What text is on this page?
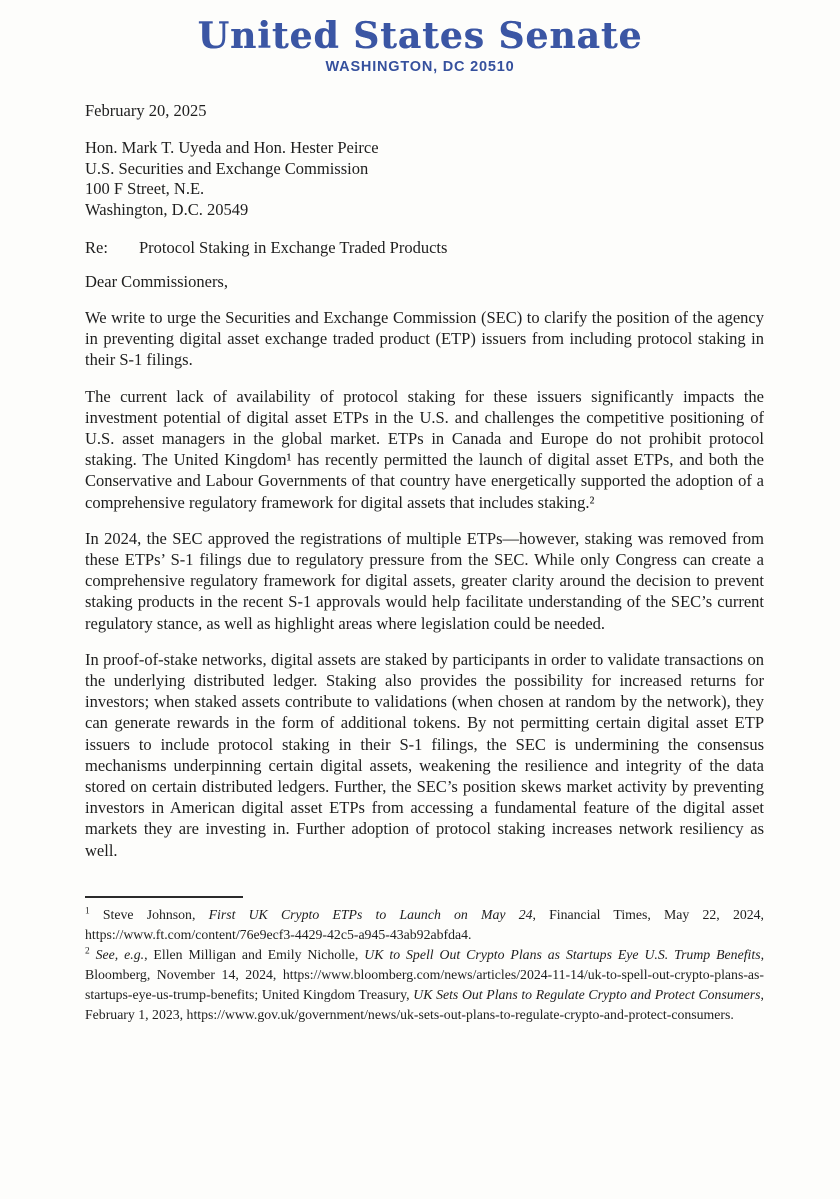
United States Senate
WASHINGTON, DC 20510

February 20, 2025

Hon. Mark T. Uyeda and Hon. Hester Peirce
U.S. Securities and Exchange Commission
100 F Street, N.E.
Washington, D.C. 20549
Re: Protocol Staking in Exchange Traded Products

Dear Commissioners,

We write to urge the Securities and Exchange Commission (SEC) to clarify the position of the agency in preventing digital asset exchange traded product (ETP) issuers from including protocol staking in their S-1 filings.

The current lack of availability of protocol staking for these issuers significantly impacts the investment potential of digital asset ETPs in the U.S. and challenges the competitive positioning of U.S. asset managers in the global market. ETPs in Canada and Europe do not prohibit protocol staking. The United Kingdom¹ has recently permitted the launch of digital asset ETPs, and both the Conservative and Labour Governments of that country have energetically supported the adoption of a comprehensive regulatory framework for digital assets that includes staking.²

In 2024, the SEC approved the registrations of multiple ETPs—however, staking was removed from these ETPs’ S-1 filings due to regulatory pressure from the SEC. While only Congress can create a comprehensive regulatory framework for digital assets, greater clarity around the decision to prevent staking products in the recent S-1 approvals would help facilitate understanding of the SEC’s current regulatory stance, as well as highlight areas where legislation could be needed.

In proof-of-stake networks, digital assets are staked by participants in order to validate transactions on the underlying distributed ledger. Staking also provides the possibility for increased returns for investors; when staked assets contribute to validations (when chosen at random by the network), they can generate rewards in the form of additional tokens. By not permitting certain digital asset ETP issuers to include protocol staking in their S-1 filings, the SEC is undermining the consensus mechanisms underpinning certain digital assets, weakening the resilience and integrity of the data stored on certain distributed ledgers. Further, the SEC’s position skews market activity by preventing investors in American digital asset ETPs from accessing a fundamental feature of the digital asset markets they are investing in. Further adoption of protocol staking increases network resiliency as well.

$^1$ Steve Johnson, First UK Crypto ETPs to Launch on May 24, Financial Times, May 22, 2024, https://www.ft.com/content/76e9ecf3-4429-42c5-a945-43ab92abfda4.

$^2$ See, e.g., Ellen Milligan and Emily Nicholle, UK to Spell Out Crypto Plans as Startups Eye U.S. Trump Benefits, Bloomberg, November 14, 2024, https://www.bloomberg.com/news/articles/2024-11-14/uk-to-spell-out-crypto-plans-as-startups-eye-us-trump-benefits; United Kingdom Treasury, UK Sets Out Plans to Regulate Crypto and Protect Consumers, February 1, 2023, https://www.gov.uk/government/news/uk-sets-out-plans-to-regulate-crypto-and-protect-consumers.
